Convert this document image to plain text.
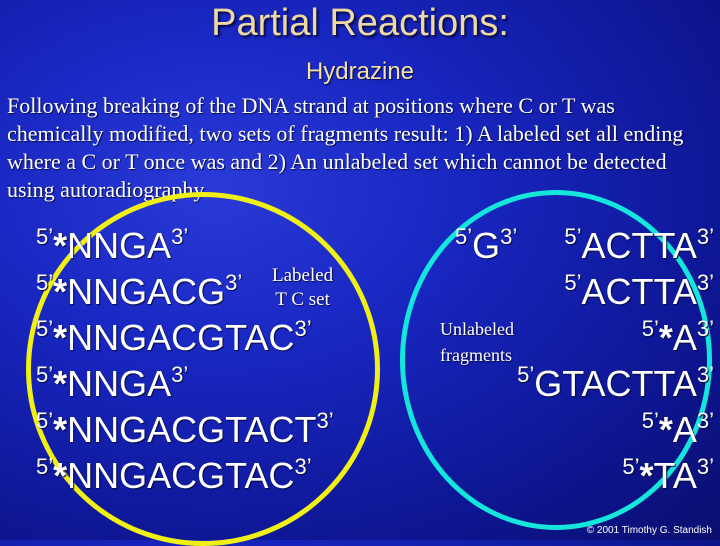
Partial Reactions:
Hydrazine
Following breaking of the DNA strand at positions where C or T was chemically modified, two sets of fragments result: 1) A labeled set all ending where a C or T once was and 2) An unlabeled set which cannot be detected using autoradiography
5’*NNGA3’
5’*NNGACG3’
5’*NNGACGTAC3’
5’*NNGA3’
5’*NNGACGTACT3’
5’*NNGACGTAC3’
Labeled
T C set
5’G3’ 5’ACTTA3’
5’ACTTA3’
5’*A3’
5’GTACTTA3’
5’*A3’
5’*TA3’
Unlabeled
fragments
© 2001 Timothy G. Standish
